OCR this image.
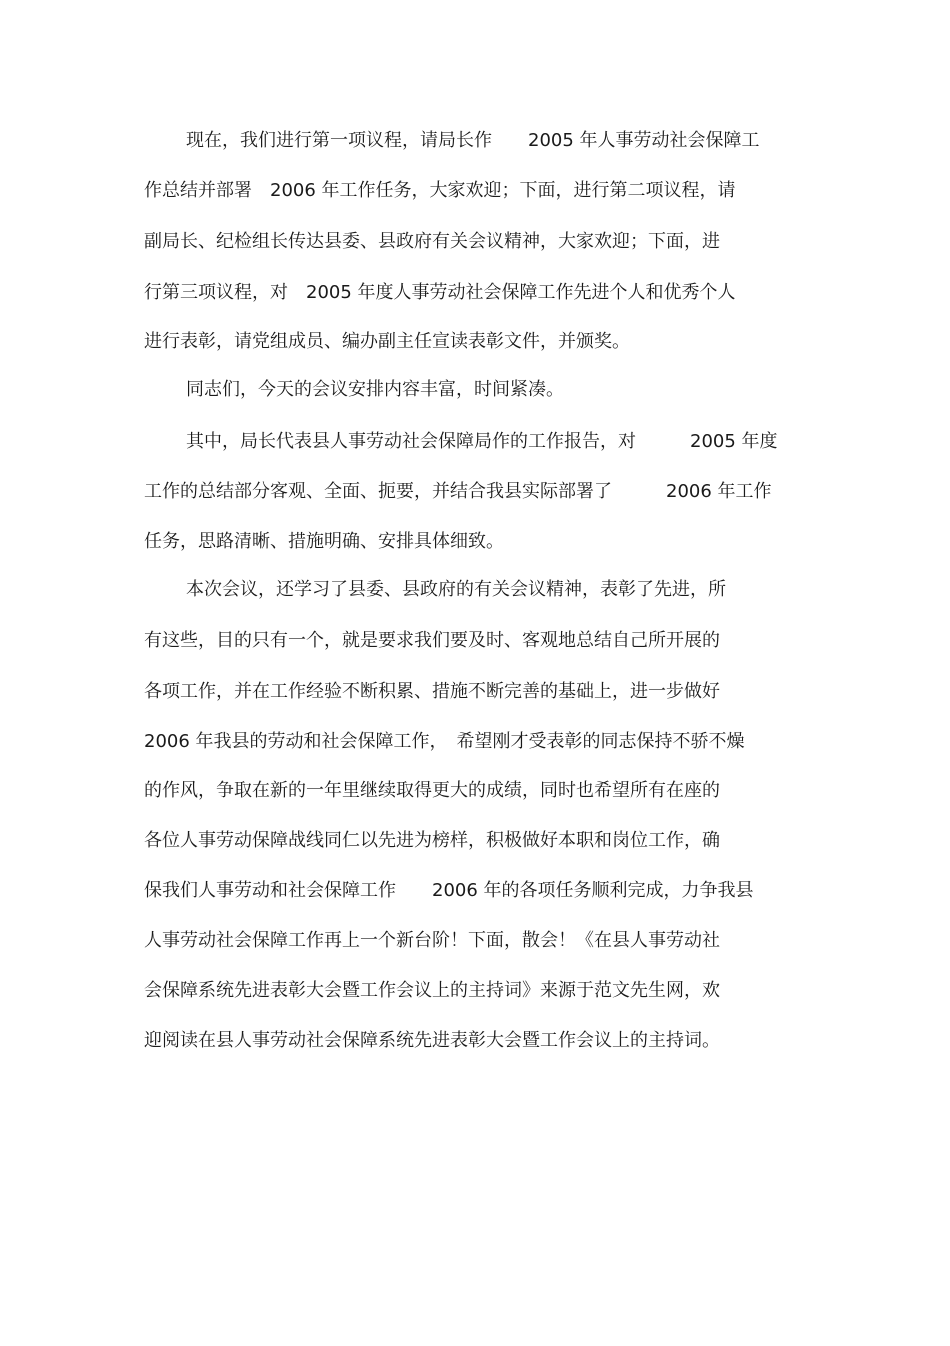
现在，我们进行第一项议程，请局长作　　2005 年人事劳动社会保障工
作总结并部署　2006 年工作任务，大家欢迎；下面，进行第二项议程，请
副局长、纪检组长传达县委、县政府有关会议精神，大家欢迎；下面，进
行第三项议程，对　2005 年度人事劳动社会保障工作先进个人和优秀个人
进行表彰，请党组成员、编办副主任宣读表彰文件，并颁奖。
同志们，今天的会议安排内容丰富，时间紧凑。
其中，局长代表县人事劳动社会保障局作的工作报告，对　　　2005 年度
工作的总结部分客观、全面、扼要，并结合我县实际部署了　　　2006 年工作
任务，思路清晰、措施明确、安排具体细致。
本次会议，还学习了县委、县政府的有关会议精神，表彰了先进，所
有这些，目的只有一个，就是要求我们要及时、客观地总结自己所开展的
各项工作，并在工作经验不断积累、措施不断完善的基础上，进一步做好
2006 年我县的劳动和社会保障工作，　希望刚才受表彰的同志保持不骄不燥
的作风，争取在新的一年里继续取得更大的成绩，同时也希望所有在座的
各位人事劳动保障战线同仁以先进为榜样，积极做好本职和岗位工作，确
保我们人事劳动和社会保障工作　　2006 年的各项任务顺利完成，力争我县
人事劳动社会保障工作再上一个新台阶！下面，散会！《在县人事劳动社
会保障系统先进表彰大会暨工作会议上的主持词》来源于范文先生网，欢
迎阅读在县人事劳动社会保障系统先进表彰大会暨工作会议上的主持词。
